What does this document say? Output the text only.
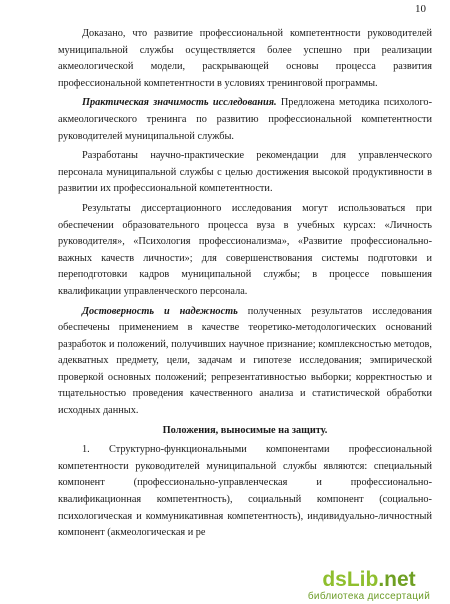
10

Доказано, что развитие профессиональной компетентности руководителей муниципальной службы осуществляется более успешно при реализации акмеологической модели, раскрывающей основы процесса развития профессиональной компетентности в условиях тренинговой программы.

Практическая значимость исследования. Предложена методика психолого-акмеологического тренинга по развитию профессиональной компетентности руководителей муниципальной службы.

Разработаны научно-практические рекомендации для управленческого персонала муниципальной службы с целью достижения высокой продуктивности в развитии их профессиональной компетентности.

Результаты диссертационного исследования могут использоваться при обеспечении образовательного процесса вуза в учебных курсах: «Личность руководителя», «Психология профессионализма», «Развитие профессионально-важных качеств личности»; для совершенствования системы подготовки и переподготовки кадров муниципальной службы; в процессе повышения квалификации управленческого персонала.

Достоверность и надежность полученных результатов исследования обеспечены применением в качестве теоретико-методологических оснований разработок и положений, получивших научное признание; комплексностью методов, адекватных предмету, цели, задачам и гипотезе исследования; эмпирической проверкой основных положений; репрезентативностью выборки; корректностью и тщательностью проведения качественного анализа и статистической обработки исходных данных.

Положения, выносимые на защиту.

1. Структурно-функциональными компонентами профессиональной компетентности руководителей муниципальной службы являются: специальный компонент (профессионально-управленческая и профессионально-квалификационная компетентность), социальный компонент (социально-психологическая и коммуникативная компетентность), индивидуально-личностный компонент (акмеологическая и ре

dsLib.net
библиотека диссертаций
